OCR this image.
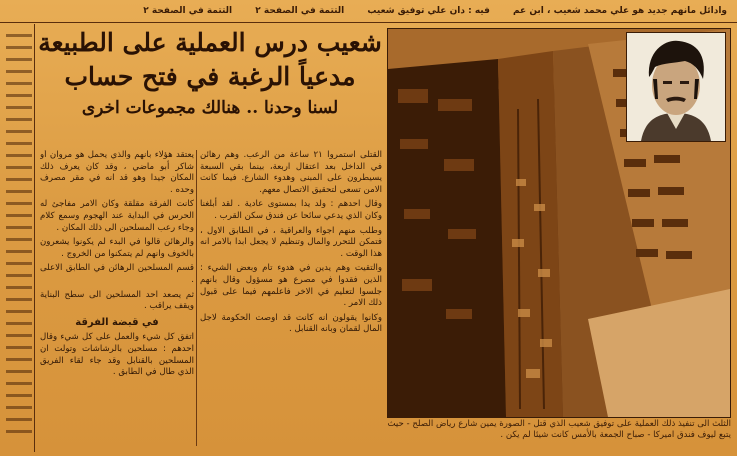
وادائل مانهم جديد هو علي محمد شعيب ، ابن عم فيه : دان علي توفيق شعيب التتمة في الصفحة ٢ التتمة في الصفحة ٢
شعيب درس العملية على الطبيعة
مدعياً الرغبة في فتح حساب
لسنا وحدنا .. هنالك مجموعات اخرى

القتلى استمروا ٢١ ساعة من الرعب. وهم رهائن في الداخل بعد اعتقال اربعة، بينما بقي السبعة يسيطرون على المبنى وهدوء الشارع. فيما كانت الامن تسعى لتحقيق الاتصال معهم.

وقال احدهم : ولد يدا بمستوى عادية . لقد أبلغنا وكان الذي يدعي سائحا عن فندق سكن القرب .

وطلب منهم اجواء والعراقية ، في الطابق الاول ، فتمكن للتحرر والمال وتنظيم لا يجعل ابدا بالامر انه هذا الوقت .

والتقيت وهم يدين في هدوء تام وبعض الشيء : الذين فقدوا في مصرع هو مسؤول وقال بانهم جلسوا لتعليم في الاخر فاعلمهم فيما على قبول ذلك الامر .

وكانوا يقولون انه كانت قد اوصت الحكومة لاجل المال لقمان وبانه القنابل .

يعتقد هؤلاء بانهم والذي يحمل هو مروان أو شاكر أبو ماضي ، وقد كان يعرف ذلك المكان جيدا وهو قد انه في مقر مصرف وحده .

كانت الفرقة مقلقة وكان الامر مفاجئ له الحرس في البداية عند الهجوم وسمع كلام وجاء رعب المسلحين الى ذلك المكان .

والرهائن قالوا في البدء لم يكونوا يشعرون بالخوف وانهم لم يتمكنوا من الخروج .

قسم المسلحين الرهائن في الطابق الاعلى .

ثم يصعد احد المسلحين الى سطح البناية ويقف يراقب .

في قبضة الفرقة

اتفق كل شيء والعمل على كل شيء وقال احدهم : مسلحين بالرشاشات وتولت ان المسلحين بالقنابل وقد جاء لقاء الفريق الذي طال في الطابق .

الثلث الى تنفيذ ذلك العملية على توفيق شعيب الذي قتل - الصورة يمين شارع رياض الصلح - حيث يتبع ليوف فندق اميركا - صباح الجمعة بالأمس كانت شيئا لم يكن .
